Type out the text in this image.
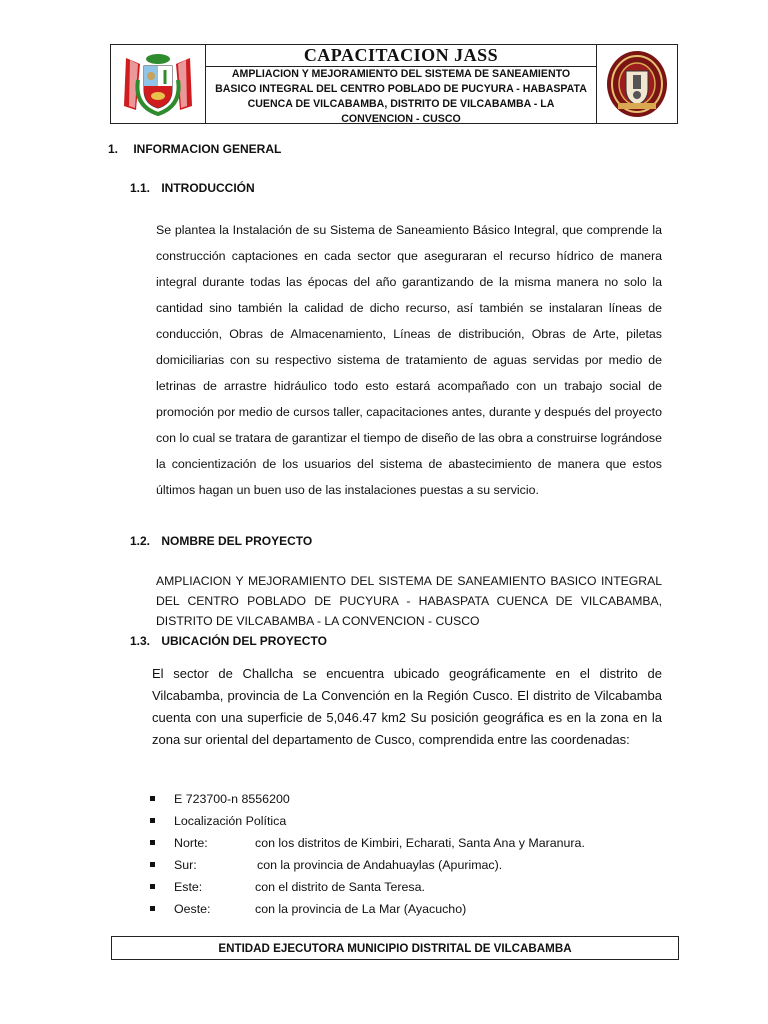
CAPACITACION JASS
AMPLIACION Y MEJORAMIENTO DEL SISTEMA DE SANEAMIENTO BASICO INTEGRAL DEL CENTRO POBLADO DE PUCYURA - HABASPATA CUENCA DE VILCABAMBA, DISTRITO DE VILCABAMBA - LA CONVENCION - CUSCO
1. INFORMACION GENERAL
1.1. INTRODUCCIÓN
Se plantea la Instalación de su Sistema de Saneamiento Básico Integral, que comprende la construcción captaciones en cada sector que aseguraran el recurso hídrico de manera integral durante todas las épocas del año garantizando de la misma manera no solo la cantidad sino también la calidad de dicho recurso, así también se instalaran líneas de conducción, Obras de Almacenamiento, Líneas de distribución, Obras de Arte, piletas domiciliarias con su respectivo sistema de tratamiento de aguas servidas por medio de letrinas de arrastre hidráulico todo esto estará acompañado con un trabajo social de promoción por medio de cursos taller, capacitaciones antes, durante y después del proyecto con lo cual se tratara de garantizar el tiempo de diseño de las obra a construirse lográndose la concientización de los usuarios del sistema de abastecimiento de manera que estos últimos hagan un buen uso de las instalaciones puestas a su servicio.
1.2. NOMBRE DEL PROYECTO
AMPLIACION Y MEJORAMIENTO DEL SISTEMA DE SANEAMIENTO BASICO INTEGRAL DEL CENTRO POBLADO DE PUCYURA - HABASPATA CUENCA DE VILCABAMBA, DISTRITO DE VILCABAMBA - LA CONVENCION - CUSCO
1.3. UBICACIÓN DEL PROYECTO
El sector de Challcha se encuentra ubicado geográficamente en el distrito de Vilcabamba, provincia de La Convención en la Región Cusco. El distrito de Vilcabamba cuenta con una superficie de 5,046.47 km2 Su posición geográfica es en la zona en la zona sur oriental del departamento de Cusco, comprendida entre las coordenadas:
E 723700-n 8556200
Localización Política
Norte:	con los distritos de Kimbiri, Echarati, Santa Ana y Maranura.
Sur:	con la provincia de Andahuaylas (Apurimac).
Este:	con el distrito de Santa Teresa.
Oeste:	con la provincia de La Mar (Ayacucho)
ENTIDAD EJECUTORA MUNICIPIO DISTRITAL DE VILCABAMBA
